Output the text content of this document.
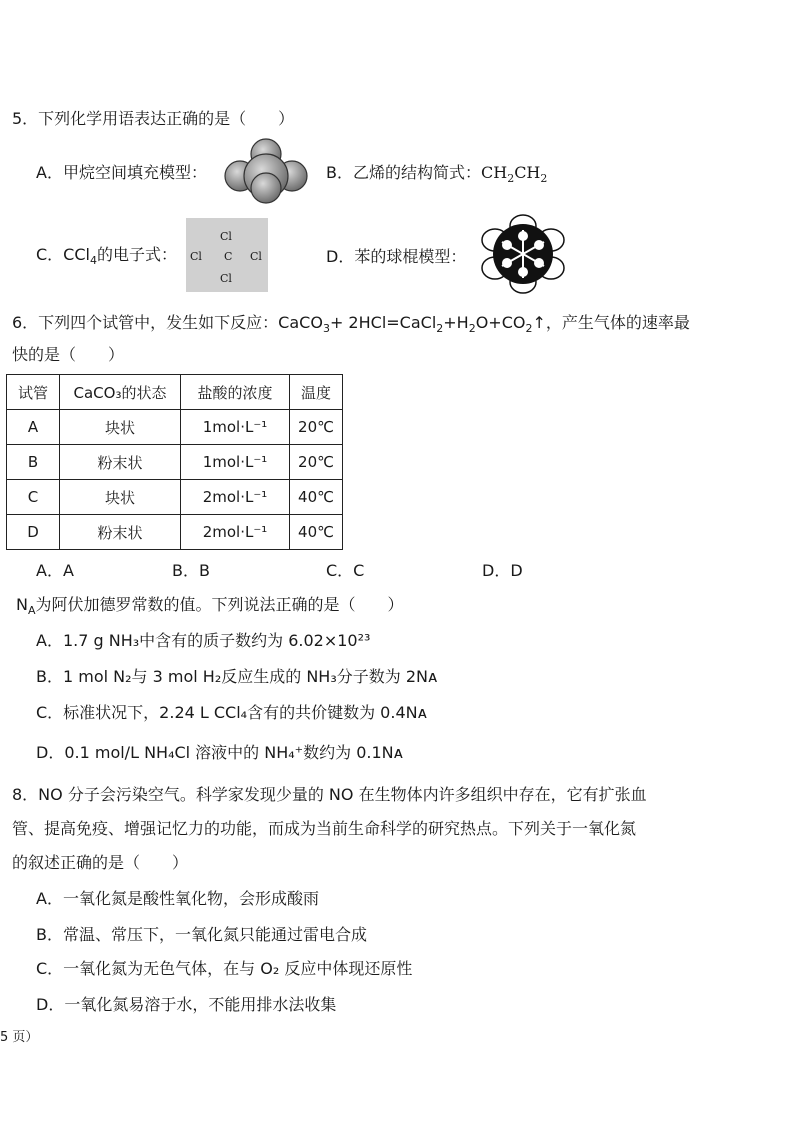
5．下列化学用语表达正确的是（　　）
A．甲烷空间填充模型：	B．乙烯的结构简式：$CH_2CH_2$
C．CCl$_4$的电子式：
Cl
Cl C Cl
Cl
D．苯的球棍模型：
6．下列四个试管中，发生如下反应：CaCO$_3$+ $2HCl=CaCl_2+H_2O+CO_2↑$，产生气体的速率最
快的是（　　）
试管	CaCO₃的状态	盐酸的浓度	温度
A	块状	1mol·L⁻¹	20℃
B	粉末状	1mol·L⁻¹	20℃
C	块状	2mol·L⁻¹	40℃
D	粉末状	2mol·L⁻¹	40℃
A．A	B．B	C．C	D．D
$N_A$为阿伏加德罗常数的值。下列说法正确的是（　　）
A．1.7 g NH₃中含有的质子数约为 6.02×10²³
B．1 mol N₂与 3 mol H₂反应生成的 NH₃分子数为 2Nᴀ
C．标准状况下，2.24 L CCl₄含有的共价键数为 0.4Nᴀ
D．0.1 mol/L NH₄Cl 溶液中的 NH₄⁺数约为 0.1Nᴀ
8．NO 分子会污染空气。科学家发现少量的 NO 在生物体内许多组织中存在，它有扩张血
管、提高免疫、增强记忆力的功能，而成为当前生命科学的研究热点。下列关于一氧化氮
的叙述正确的是（　　）
A．一氧化氮是酸性氧化物，会形成酸雨
B．常温、常压下，一氧化氮只能通过雷电合成
C．一氧化氮为无色气体，在与 O₂ 反应中体现还原性
D．一氧化氮易溶于水，不能用排水法收集
5 页）
